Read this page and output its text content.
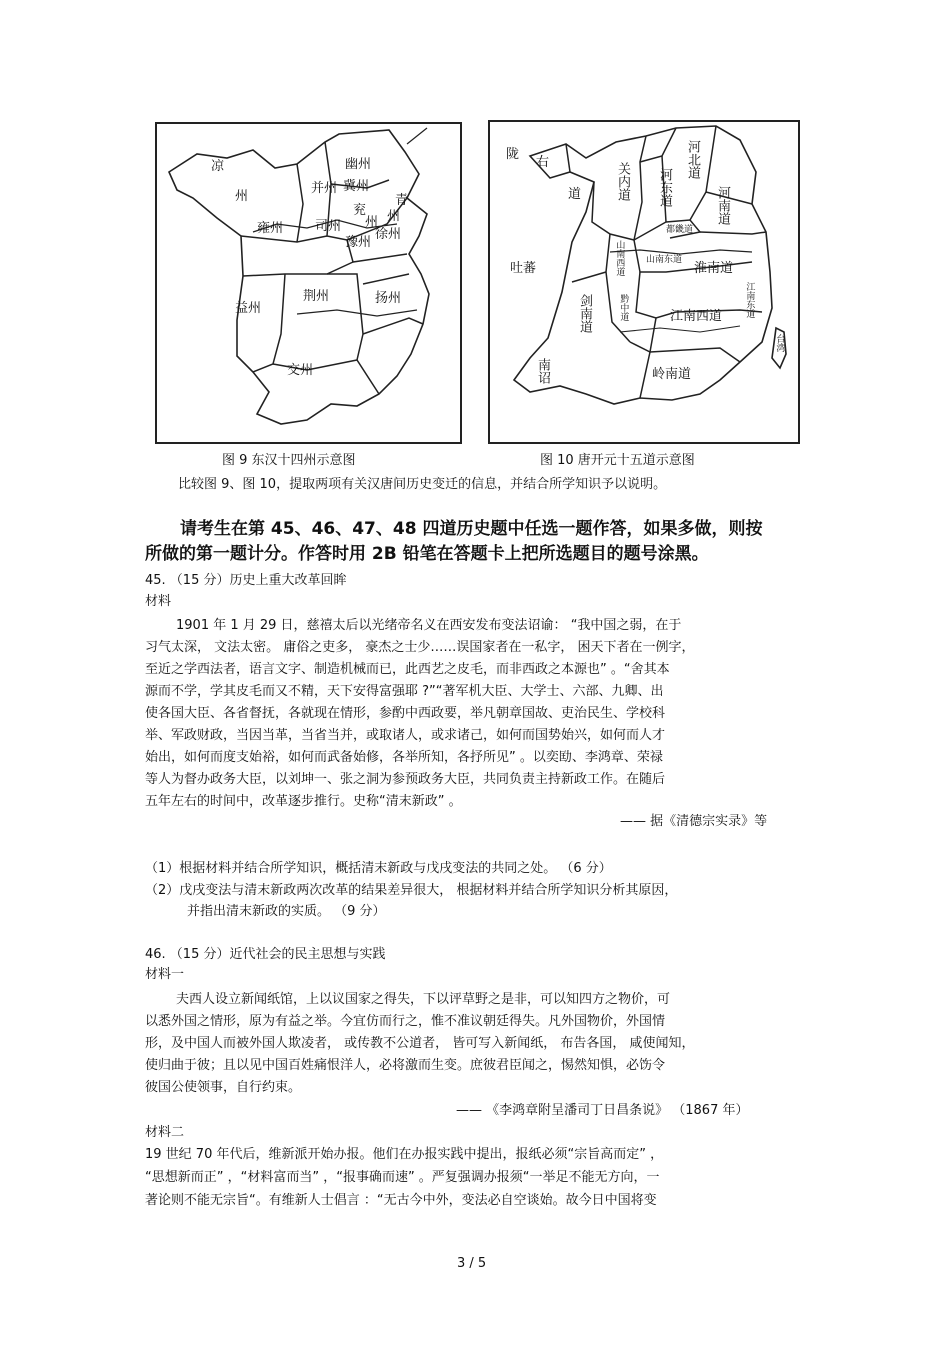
凉
州
幽州
并州 冀州
青
州
兖
州
雍州 司州
豫州
徐州
益州
荆州	扬州
交州
图 9 东汉十四州示意图
陇
右
道
河北道
关内道 河东道	河南道
都畿道
吐蕃	山南西道 山南东道
淮南道
剑南道	黔中道	江南西道 江南东道
岭南道
南诏
台湾
图 10 唐开元十五道示意图
比较图 9、图 10，提取两项有关汉唐间历史变迁的信息，并结合所学知识予以说明。
请考生在第 45、46、47、48 四道历史题中任选一题作答，如果多做，则按
所做的第一题计分。作答时用 2B 铅笔在答题卡上把所选题目的题号涂黑。
45. （15 分）历史上重大改革回眸
材料
1901 年 1 月 29 日，慈禧太后以光绪帝名义在西安发布变法诏谕： “我中国之弱，在于
习气太深， 文法太密。 庸俗之吏多， 豪杰之士少……误国家者在一私字， 困天下者在一例字，
至近之学西法者，语言文字、制造机械而已，此西艺之皮毛，而非西政之本源也” 。“舍其本
源而不学，学其皮毛而又不精，天下安得富强耶 ?”“著军机大臣、大学士、六部、九卿、出
使各国大臣、各省督抚，各就现在情形，参酌中西政要，举凡朝章国故、吏治民生、学校科
举、军政财政，当因当革，当省当并，或取诸人，或求诸己，如何而国势始兴，如何而人才
始出，如何而度支始裕，如何而武备始修，各举所知，各抒所见” 。以奕劻、李鸿章、荣禄
等人为督办政务大臣，以刘坤一、张之洞为参预政务大臣，共同负责主持新政工作。在随后
五年左右的时间中，改革逐步推行。史称“清末新政” 。
—— 据《清德宗实录》等
（1）根据材料并结合所学知识，概括清末新政与戊戌变法的共同之处。 （6 分）
（2）戊戌变法与清末新政两次改革的结果差异很大， 根据材料并结合所学知识分析其原因，
并指出清末新政的实质。 （9 分）
46. （15 分）近代社会的民主思想与实践
材料一
夫西人设立新闻纸馆，上以议国家之得失，下以评草野之是非，可以知四方之物价，可
以悉外国之情形，原为有益之举。今宜仿而行之，惟不准议朝廷得失。凡外国物价，外国情
形，及中国人而被外国人欺凌者， 或传教不公道者， 皆可写入新闻纸， 布告各国， 咸使闻知，
使归曲于彼；且以见中国百姓痛恨洋人，必将激而生变。庶彼君臣闻之，惕然知惧，必饬令
彼国公使领事，自行约束。
—— 《李鸿章附呈潘司丁日昌条说》 （1867 年）
材料二
19 世纪 70 年代后，维新派开始办报。他们在办报实践中提出，报纸必须“宗旨高而定” ，
“思想新而正” ，“材料富而当” ，“报事确而速” 。严复强调办报须“一举足不能无方向，一
著论则不能无宗旨“。有维新人士倡言 ：“无古今中外，变法必自空谈始。故今日中国将变
3 / 5
